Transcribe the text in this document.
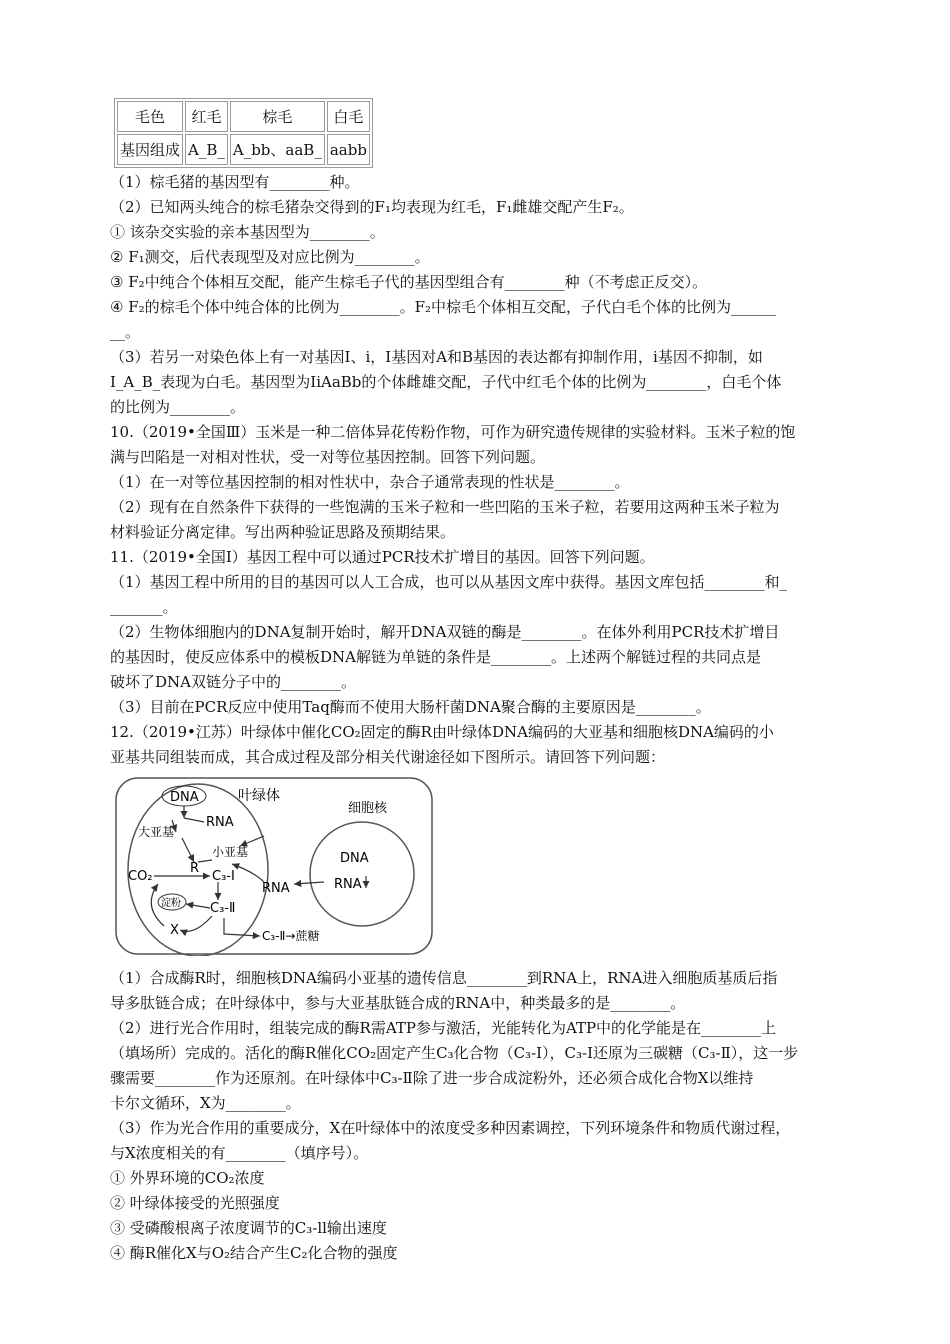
毛色	红毛	棕毛	白毛
基因组成	A_B_	A_bb、aaB_	aabb
（1）棕毛猪的基因型有________种。
（2）已知两头纯合的棕毛猪杂交得到的F₁均表现为红毛，F₁雌雄交配产生F₂。
① 该杂交实验的亲本基因型为________。
② F₁测交，后代表现型及对应比例为________。
③ F₂中纯合个体相互交配，能产生棕毛子代的基因型组合有________种（不考虑正反交）。
④ F₂的棕毛个体中纯合体的比例为________。F₂中棕毛个体相互交配，子代白毛个体的比例为______
__。
（3）若另一对染色体上有一对基因I、i，I基因对A和B基因的表达都有抑制作用，i基因不抑制，如
I_A_B_表现为白毛。基因型为IiAaBb的个体雌雄交配，子代中红毛个体的比例为________，白毛个体
的比例为________。
10.（2019•全国Ⅲ）玉米是一种二倍体异花传粉作物，可作为研究遗传规律的实验材料。玉米子粒的饱
满与凹陷是一对相对性状，受一对等位基因控制。回答下列问题。
（1）在一对等位基因控制的相对性状中，杂合子通常表现的性状是________。
（2）现有在自然条件下获得的一些饱满的玉米子粒和一些凹陷的玉米子粒，若要用这两种玉米子粒为
材料验证分离定律。写出两种验证思路及预期结果。
11.（2019•全国Ⅰ）基因工程中可以通过PCR技术扩增目的基因。回答下列问题。
（1）基因工程中所用的目的基因可以人工合成，也可以从基因文库中获得。基因文库包括________和_
_______。
（2）生物体细胞内的DNA复制开始时，解开DNA双链的酶是________。在体外利用PCR技术扩增目
的基因时，使反应体系中的模板DNA解链为单链的条件是________。上述两个解链过程的共同点是
破坏了DNA双链分子中的________。
（3）目前在PCR反应中使用Taq酶而不使用大肠杆菌DNA聚合酶的主要原因是________。
12.（2019•江苏）叶绿体中催化CO₂固定的酶R由叶绿体DNA编码的大亚基和细胞核DNA编码的小
亚基共同组装而成，其合成过程及部分相关代谢途径如下图所示。请回答下列问题：
叶绿体
细胞核
DNA
RNA
大亚基
小亚基
CO₂
R
C₃-I
淀粉 C₃-Ⅱ
X	C₃-Ⅱ→蔗糖
DNA
RNA
RNA
（1）合成酶R时，细胞核DNA编码小亚基的遗传信息________到RNA上，RNA进入细胞质基质后指
导多肽链合成；在叶绿体中，参与大亚基肽链合成的RNA中，种类最多的是________。
（2）进行光合作用时，组装完成的酶R需ATP参与激活，光能转化为ATP中的化学能是在________上
（填场所）完成的。活化的酶R催化CO₂固定产生C₃化合物（C₃-I），C₃-I还原为三碳糖（C₃-Ⅱ），这一步
骤需要________作为还原剂。在叶绿体中C₃-Ⅱ除了进一步合成淀粉外，还必须合成化合物X以维持
卡尔文循环，X为________。
（3）作为光合作用的重要成分，X在叶绿体中的浓度受多种因素调控，下列环境条件和物质代谢过程，
与X浓度相关的有________（填序号）。
① 外界环境的CO₂浓度
② 叶绿体接受的光照强度
③ 受磷酸根离子浓度调节的C₃-ll输出速度
④ 酶R催化X与O₂结合产生C₂化合物的强度
